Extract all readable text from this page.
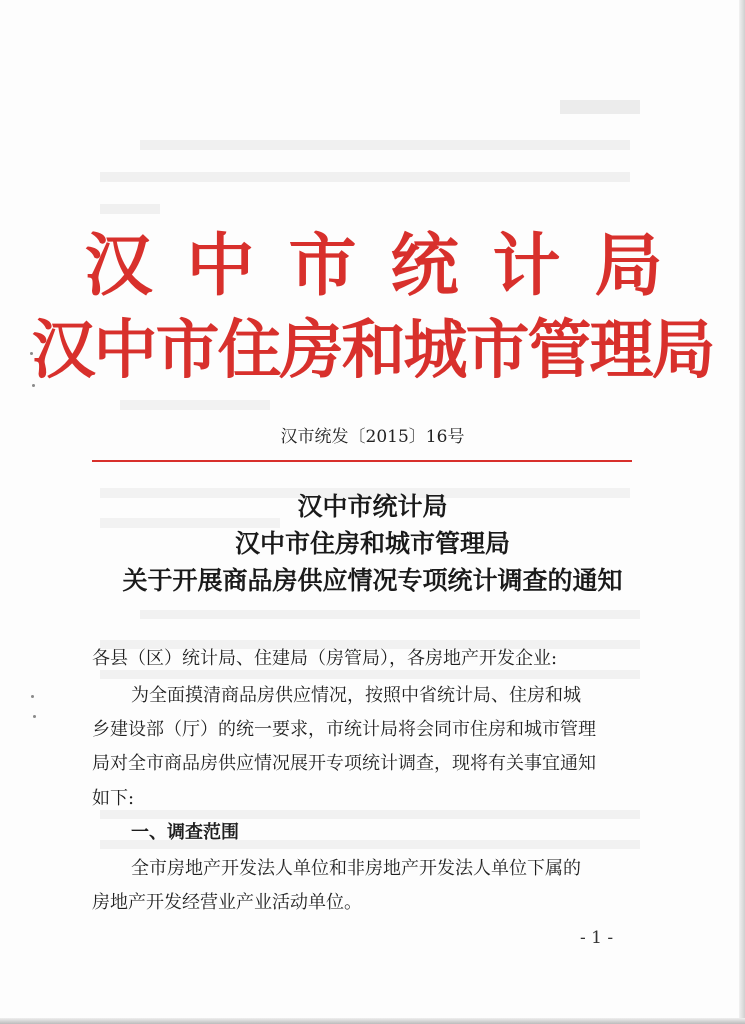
汉中市统计局
汉中市住房和城市管理局
汉市统发〔2015〕16号
汉中市统计局
汉中市住房和城市管理局
关于开展商品房供应情况专项统计调查的通知
各县（区）统计局、住建局（房管局），各房地产开发企业:
为全面摸清商品房供应情况，按照中省统计局、住房和城
乡建设部（厅）的统一要求，市统计局将会同市住房和城市管理
局对全市商品房供应情况展开专项统计调查，现将有关事宜通知
如下:
一、调查范围
全市房地产开发法人单位和非房地产开发法人单位下属的
房地产开发经营业产业活动单位。
- 1 -
